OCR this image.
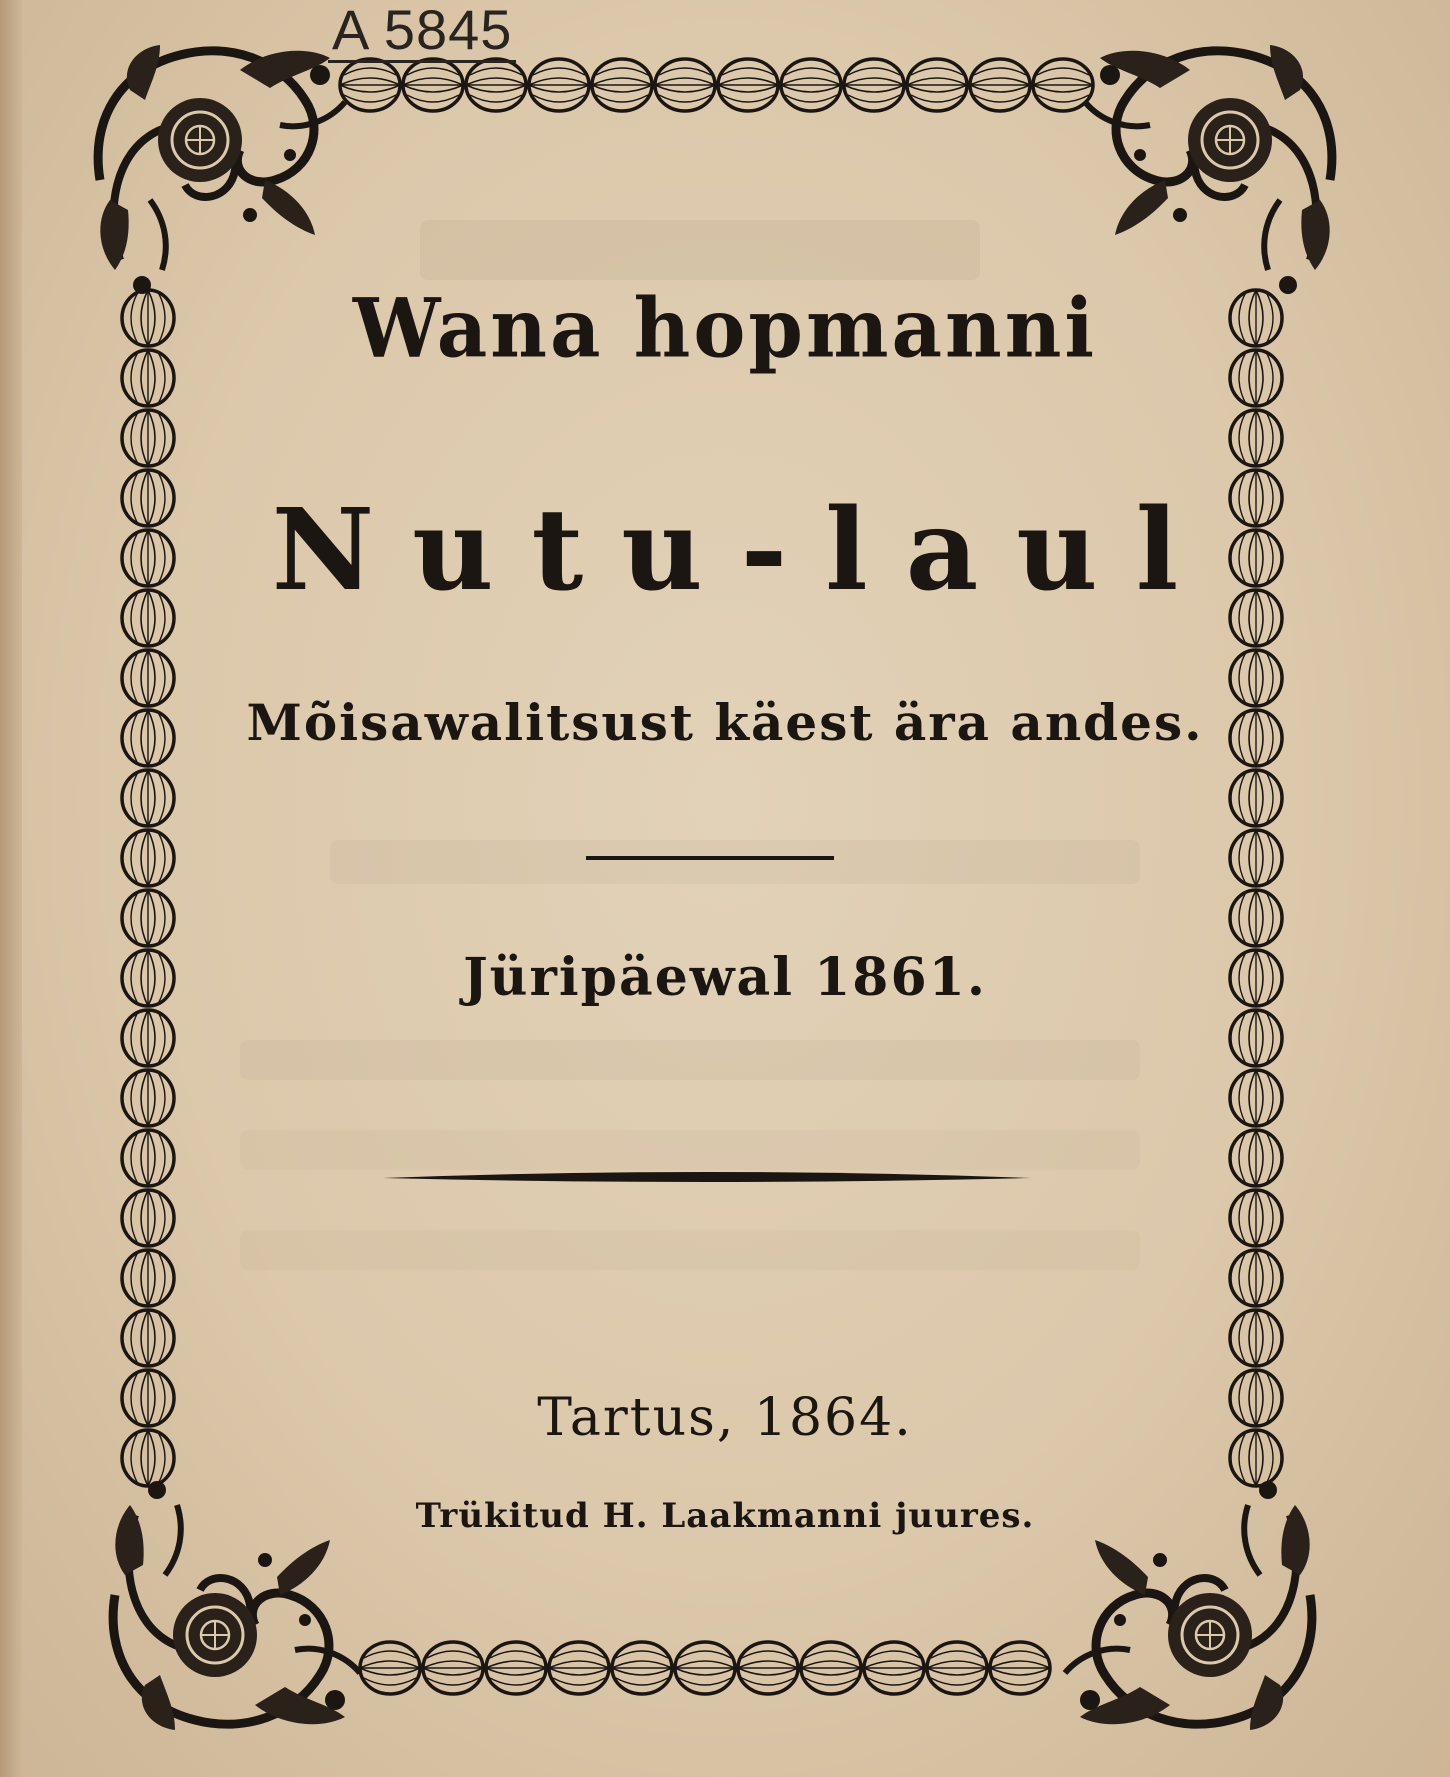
A 5845
Wana hopmanni
Nutu-laul
Mõisawalitsust käest ära andes.
Jüripäewal 1861.
Tartus, 1864.
Trükitud H. Laakmanni juures.
